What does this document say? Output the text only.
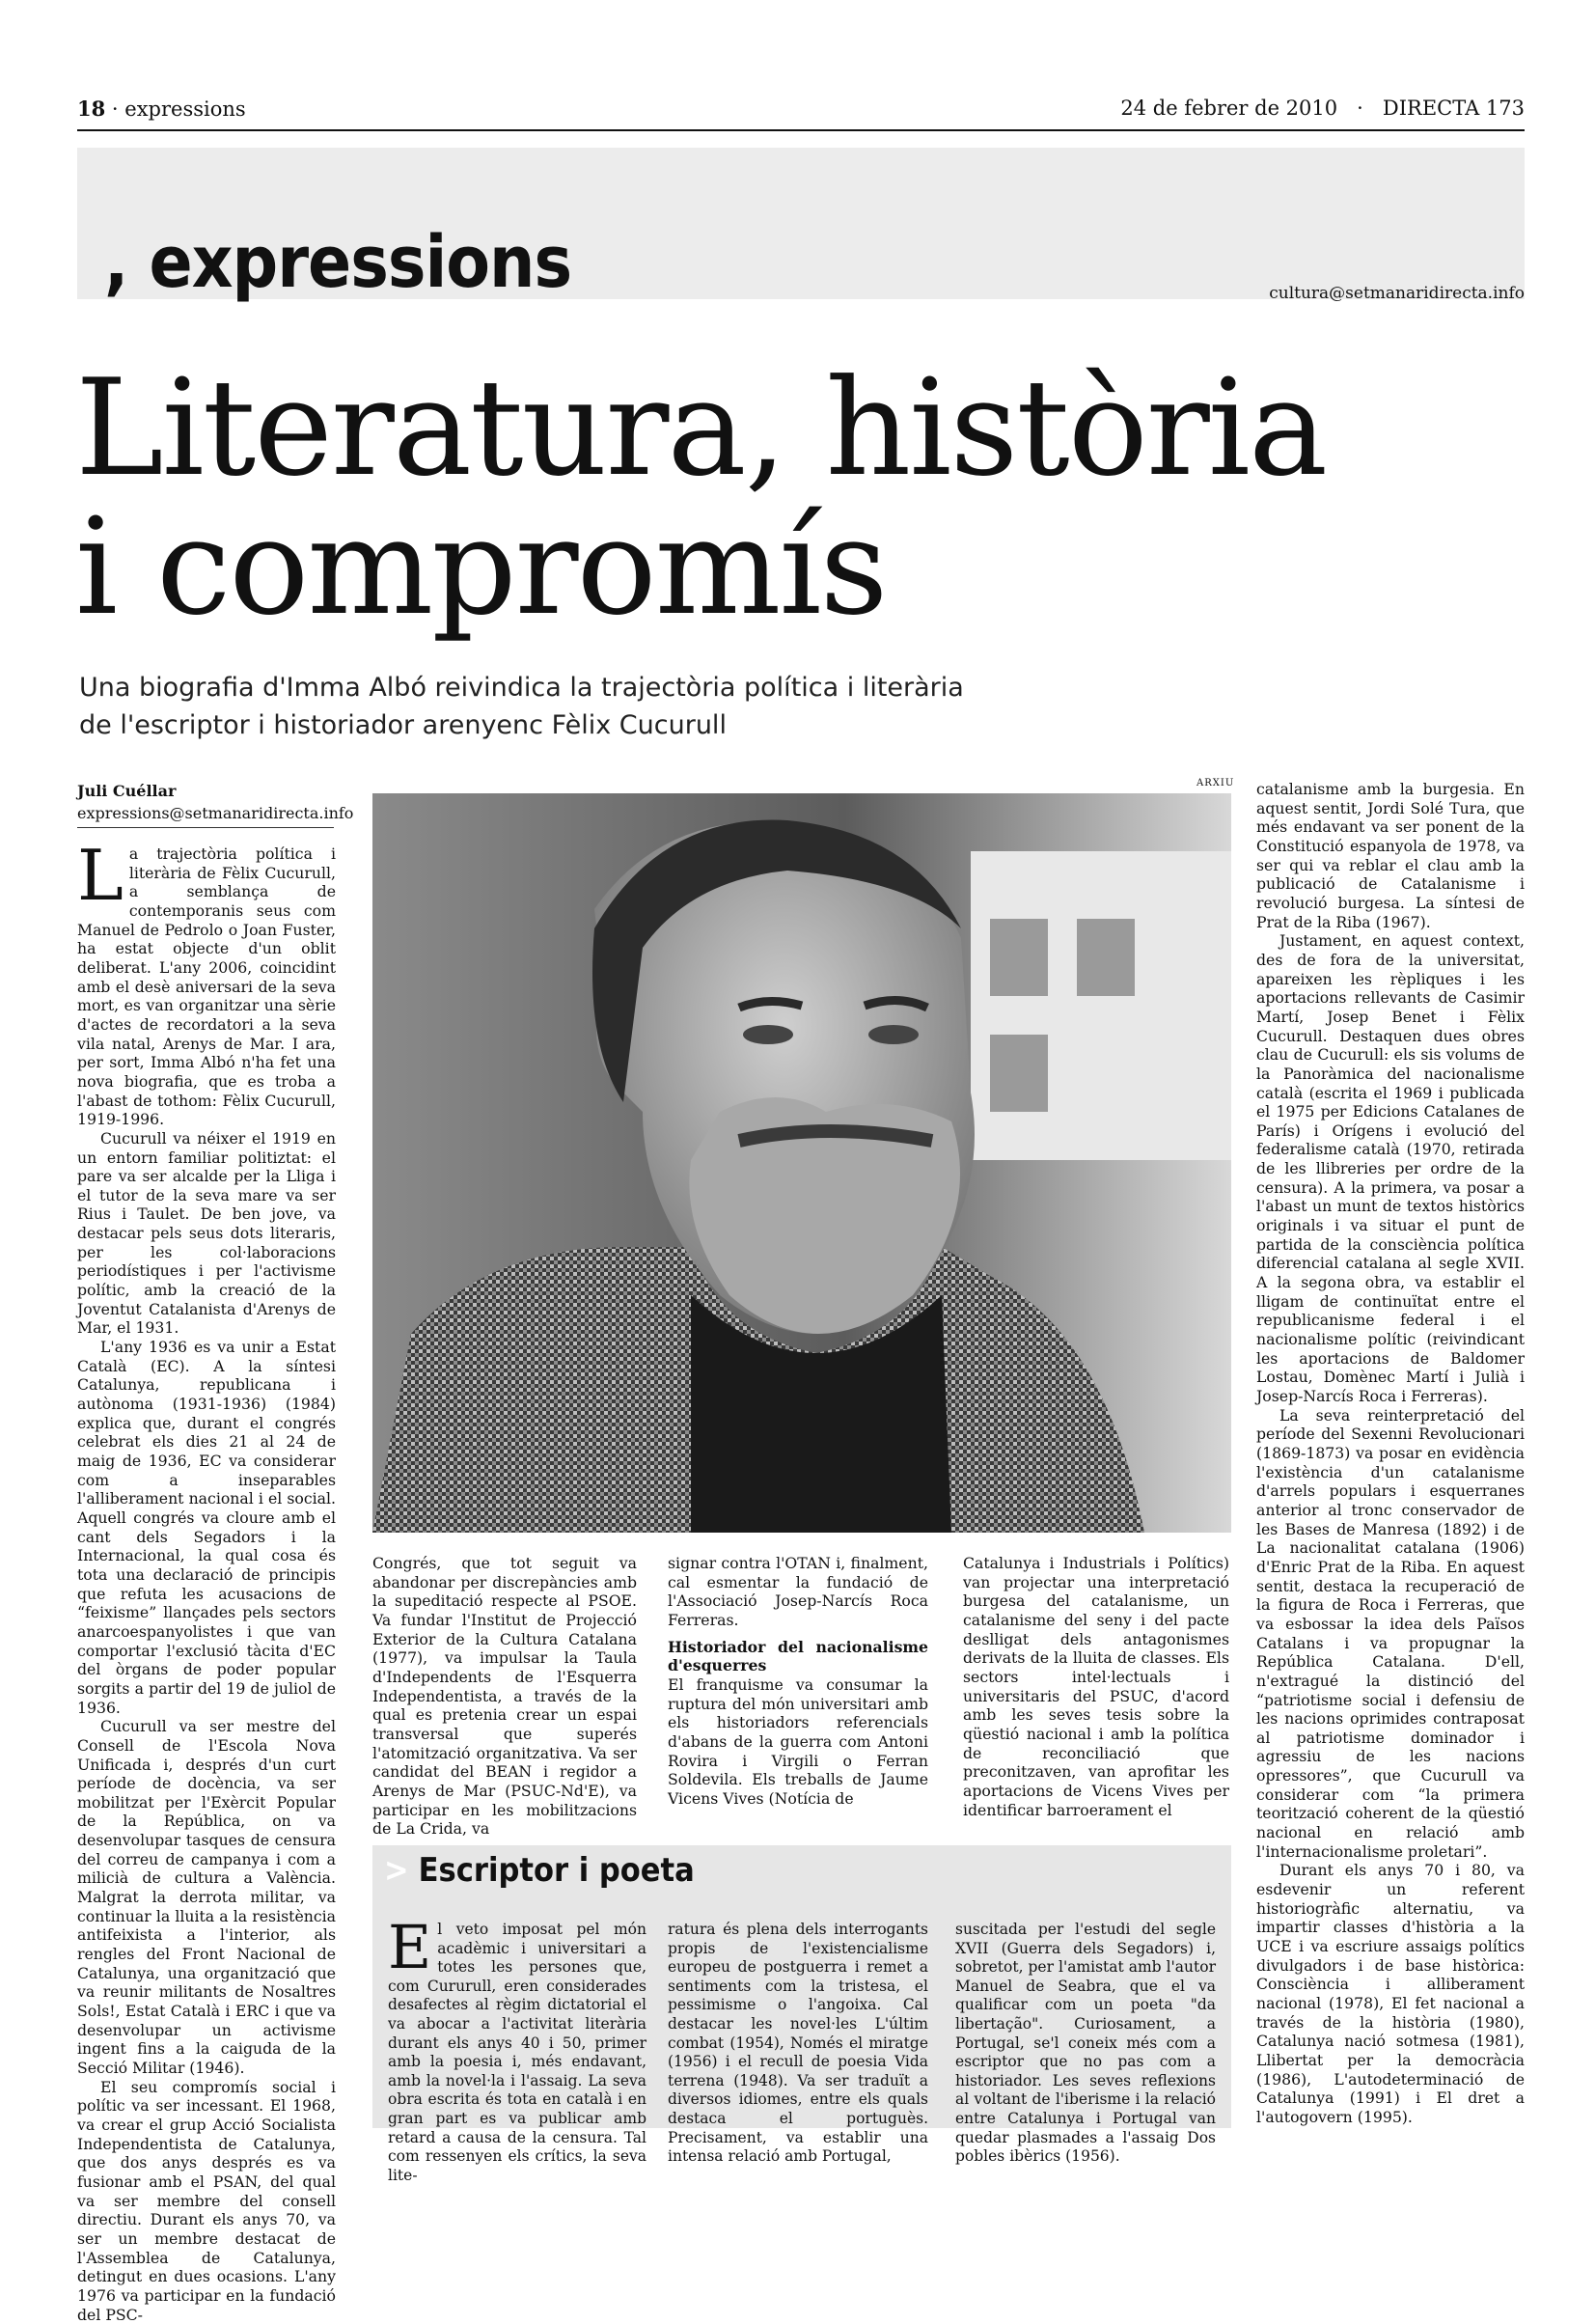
18 · expressions	24 de febrer de 2010 · DIRECTA 173
, expressions	cultura@setmanaridirecta.info
Literatura, història
i compromís
Una biografia d'Imma Albó reivindica la trajectòria política i literària
de l'escriptor i historiador arenyenc Fèlix Cucurull
Juli Cuéllar
expressions@setmanaridirecta.info

La trajectòria política i literària de Fèlix Cucurull, a semblança de contemporanis seus com Manuel de Pedrolo o Joan Fuster, ha estat objecte d'un oblit deliberat. L'any 2006, coincidint amb el desè aniversari de la seva mort, es van organitzar una sèrie d'actes de recordatori a la seva vila natal, Arenys de Mar. I ara, per sort, Imma Albó n'ha fet una nova biografia, que es troba a l'abast de tothom: Fèlix Cucurull, 1919-1996.

Cucurull va néixer el 1919 en un entorn familiar politiztat: el pare va ser alcalde per la Lliga i el tutor de la seva mare va ser Rius i Taulet. De ben jove, va destacar pels seus dots literaris, per les col·laboracions periodístiques i per l'activisme polític, amb la creació de la Joventut Catalanista d'Arenys de Mar, el 1931.

L'any 1936 es va unir a Estat Català (EC). A la síntesi Catalunya, republicana i autònoma (1931-1936) (1984) explica que, durant el congrés celebrat els dies 21 al 24 de maig de 1936, EC va considerar com a inseparables l'alliberament nacional i el social. Aquell congrés va cloure amb el cant dels Segadors i la Internacional, la qual cosa és tota una declaració de principis que refuta les acusacions de “feixisme” llançades pels sectors anarcoespanyolistes i que van comportar l'exclusió tàcita d'EC del òrgans de poder popular sorgits a partir del 19 de juliol de 1936.

Cucurull va ser mestre del Consell de l'Escola Nova Unificada i, després d'un curt període de docència, va ser mobilitzat per l'Exèrcit Popular de la República, on va desenvolupar tasques de censura del correu de campanya i com a milicià de cultura a València. Malgrat la derrota militar, va continuar la lluita a la resistència antifeixista a l'interior, als rengles del Front Nacional de Catalunya, una organització que va reunir militants de Nosaltres Sols!, Estat Català i ERC i que va desenvolupar un activisme ingent fins a la caiguda de la Secció Militar (1946).

El seu compromís social i polític va ser incessant. El 1968, va crear el grup Acció Socialista Independentista de Catalunya, que dos anys després es va fusionar amb el PSAN, del qual va ser membre del consell directiu. Durant els anys 70, va ser un membre destacat de l'Assemblea de Catalunya, detingut en dues ocasions. L'any 1976 va participar en la fundació del PSC-

ARXIU

Congrés, que tot seguit va abandonar per discrepàncies amb la supeditació respecte al PSOE. Va fundar l'Institut de Projecció Exterior de la Cultura Catalana (1977), va impulsar la Taula d'Independents de l'Esquerra Independentista, a través de la qual es pretenia crear un espai transversal que superés l'atomització organitzativa. Va ser candidat del BEAN i regidor a Arenys de Mar (PSUC-Nd'E), va participar en les mobilitzacions de La Crida, va

signar contra l'OTAN i, finalment, cal esmentar la fundació de l'Associació Josep-Narcís Roca Ferreras.

Historiador del nacionalisme d'esquerres

El franquisme va consumar la ruptura del món universitari amb els historiadors referencials d'abans de la guerra com Antoni Rovira i Virgili o Ferran Soldevila. Els treballs de Jaume Vicens Vives (Notícia de

Catalunya i Industrials i Polítics) van projectar una interpretació burgesa del catalanisme, un catalanisme del seny i del pacte deslligat dels antagonismes derivats de la lluita de classes. Els sectors intel·lectuals i universitaris del PSUC, d'acord amb les seves tesis sobre la qüestió nacional i amb la política de reconciliació que preconitzaven, van aprofitar les aportacions de Vicens Vives per identificar barroerament el

catalanisme amb la burgesia. En aquest sentit, Jordi Solé Tura, que més endavant va ser ponent de la Constitució espanyola de 1978, va ser qui va reblar el clau amb la publicació de Catalanisme i revolució burgesa. La síntesi de Prat de la Riba (1967).

Justament, en aquest context, des de fora de la universitat, apareixen les rèpliques i les aportacions rellevants de Casimir Martí, Josep Benet i Fèlix Cucurull. Destaquen dues obres clau de Cucurull: els sis volums de la Panoràmica del nacionalisme català (escrita el 1969 i publicada el 1975 per Edicions Catalanes de París) i Orígens i evolució del federalisme català (1970, retirada de les llibreries per ordre de la censura). A la primera, va posar a l'abast un munt de textos històrics originals i va situar el punt de partida de la consciència política diferencial catalana al segle XVII. A la segona obra, va establir el lligam de continuïtat entre el republicanisme federal i el nacionalisme polític (reivindicant les aportacions de Baldomer Lostau, Domènec Martí i Julià i Josep-Narcís Roca i Ferreras).

La seva reinterpretació del període del Sexenni Revolucionari (1869-1873) va posar en evidència l'existència d'un catalanisme d'arrels populars i esquerranes anterior al tronc conservador de les Bases de Manresa (1892) i de La nacionalitat catalana (1906) d'Enric Prat de la Riba. En aquest sentit, destaca la recuperació de la figura de Roca i Ferreras, que va esbossar la idea dels Països Catalans i va propugnar la República Catalana. D'ell, n'extragué la distinció del “patriotisme social i defensiu de les nacions oprimides contraposat al patriotisme dominador i agressiu de les nacions opressores”, que Cucurull va considerar com “la primera teorització coherent de la qüestió nacional en relació amb l'internacionalisme proletari”.

Durant els anys 70 i 80, va esdevenir un referent historiogràfic alternatiu, va impartir classes d'història a la UCE i va escriure assaigs polítics divulgadors i de base històrica: Consciència i alliberament nacional (1978), El fet nacional a través de la història (1980), Catalunya nació sotmesa (1981), Llibertat per la democràcia (1986), L'autodeterminació de Catalunya (1991) i El dret a l'autogovern (1995).

> Escriptor i poeta

El veto imposat pel món acadèmic i universitari a totes les persones que, com Cururull, eren considerades desafectes al règim dictatorial el va abocar a l'activitat literària durant els anys 40 i 50, primer amb la poesia i, més endavant, amb la novel·la i l'assaig. La seva obra escrita és tota en català i en gran part es va publicar amb retard a causa de la censura. Tal com ressenyen els crítics, la seva lite-

ratura és plena dels interrogants propis de l'existencialisme europeu de postguerra i remet a sentiments com la tristesa, el pessimisme o l'angoixa. Cal destacar les novel·les L'últim combat (1954), Només el miratge (1956) i el recull de poesia Vida terrena (1948). Va ser traduït a diversos idiomes, entre els quals destaca el portuguès. Precisament, va establir una intensa relació amb Portugal,

suscitada per l'estudi del segle XVII (Guerra dels Segadors) i, sobretot, per l'amistat amb l'autor Manuel de Seabra, que el va qualificar com un poeta "da libertação". Curiosament, a Portugal, se'l coneix més com a escriptor que no pas com a historiador. Les seves reflexions al voltant de l'iberisme i la relació entre Catalunya i Portugal van quedar plasmades a l'assaig Dos pobles ibèrics (1956).
